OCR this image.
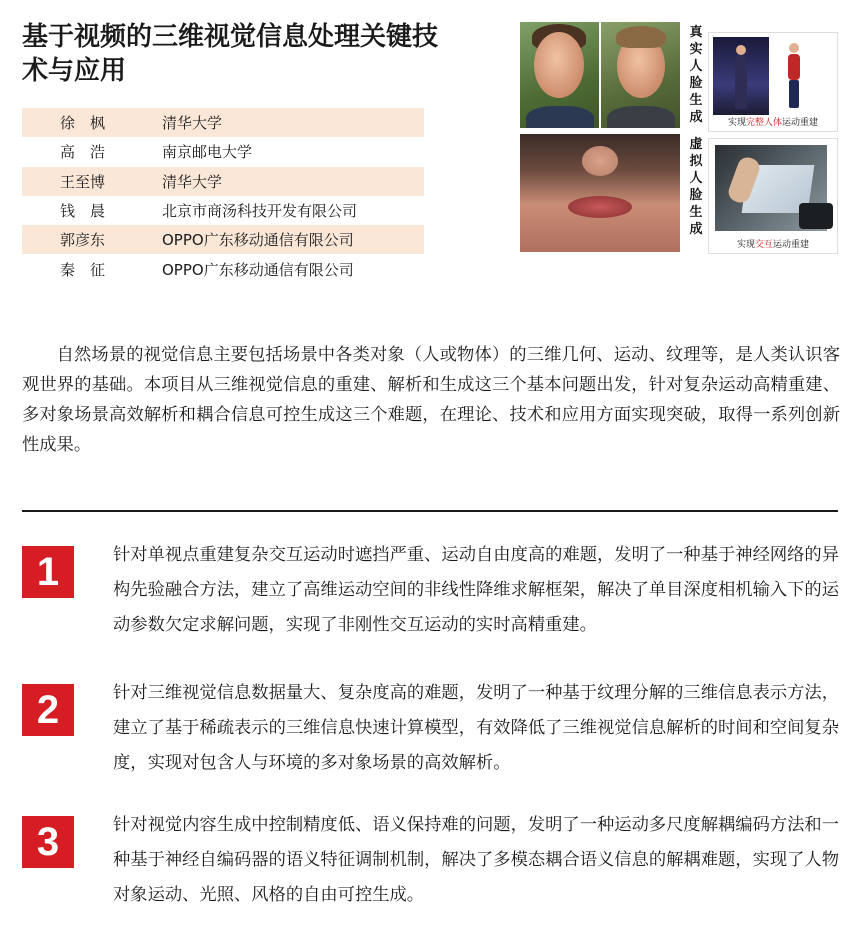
基于视频的三维视觉信息处理关键技术与应用
徐　枫	清华大学
高　浩	南京邮电大学
王至博	清华大学
钱　晨	北京市商汤科技开发有限公司
郭彦东	OPPO广东移动通信有限公司
秦　征	OPPO广东移动通信有限公司
真实人脸生成
虚拟人脸生成
实现完整人体运动重建
实现交互运动重建

自然场景的视觉信息主要包括场景中各类对象（人或物体）的三维几何、运动、纹理等，是人类认识客观世界的基础。本项目从三维视觉信息的重建、解析和生成这三个基本问题出发，针对复杂运动高精重建、多对象场景高效解析和耦合信息可控生成这三个难题，在理论、技术和应用方面实现突破，取得一系列创新性成果。

1	针对单视点重建复杂交互运动时遮挡严重、运动自由度高的难题，发明了一种基于神经网络的异构先验融合方法，建立了高维运动空间的非线性降维求解框架，解决了单目深度相机输入下的运动参数欠定求解问题，实现了非刚性交互运动的实时高精重建。

2	针对三维视觉信息数据量大、复杂度高的难题，发明了一种基于纹理分解的三维信息表示方法，建立了基于稀疏表示的三维信息快速计算模型，有效降低了三维视觉信息解析的时间和空间复杂度，实现对包含人与环境的多对象场景的高效解析。

3	针对视觉内容生成中控制精度低、语义保持难的问题，发明了一种运动多尺度解耦编码方法和一种基于神经自编码器的语义特征调制机制，解决了多模态耦合语义信息的解耦难题，实现了人物对象运动、光照、风格的自由可控生成。
